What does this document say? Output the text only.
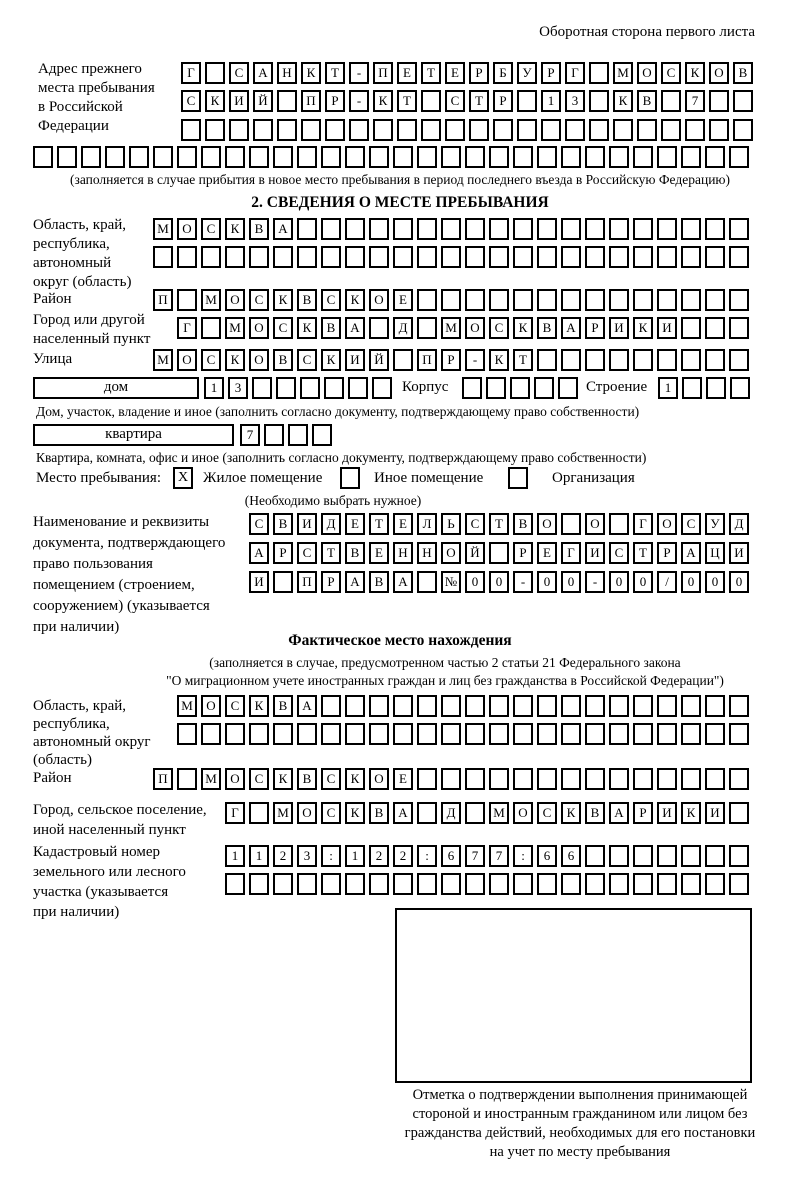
Оборотная сторона первого листа
Адрес прежнего
места пребывания
в Российской
Федерации
Г	С А Н К Т - П Е Т Е Р Б У Р Г	М О С К О В
С К И Й	П Р - К Т	С Т Р	1 3	К В	7
(заполняется в случае прибытия в новое место пребывания в период последнего въезда в Российскую Федерацию)
2. СВЕДЕНИЯ О МЕСТЕ ПРЕБЫВАНИЯ
Область, край,
республика,
автономный
округ (область)
М О С К В А
Район	П	М О С К В С К О Е
Город или другой
населенный пункт
Г	М О С К В А	Д	М О С К В А Р И К И
Улица	М О С К О В С К И Й	П Р - К Т
дом	1 3	Корпус	Строение	1
Дом, участок, владение и иное (заполнить согласно документу, подтверждающему право собственности)
квартира	7
Квартира, комната, офис и иное (заполнить согласно документу, подтверждающему право собственности)
Место пребывания:	X Жилое помещение	Иное помещение	Организация
(Необходимо выбрать нужное)
Наименование и реквизиты
документа, подтверждающего
право пользования
помещением (строением,
сооружением) (указывается
при наличии)
С В И Д Е Т Е Л Ь С Т В О	О	Г О С У Д
А Р С Т В Е Н Н О Й	Р Е Г И С Т Р А Ц И
И	П Р А В А	№ 0 0 - 0 0 - 0 0 / 0 0 0
Фактическое место нахождения
(заполняется в случае, предусмотренном частью 2 статьи 21 Федерального закона
"О миграционном учете иностранных граждан и лиц без гражданства в Российской Федерации")
Область, край,
республика,
автономный округ
(область)
М О С К В А
Район	П	М О С К В С К О Е
Город, сельское поселение,
иной населенный пункт
Г	М О С К В А	Д	М О С К В А Р И К И
Кадастровый номер
земельного или лесного
участка (указывается
при наличии)
1 1 2 3 : 1 2 2 : 6 7 7 : 6 6
Отметка о подтверждении выполнения принимающей
стороной и иностранным гражданином или лицом без
гражданства действий, необходимых для его постановки
на учет по месту пребывания
